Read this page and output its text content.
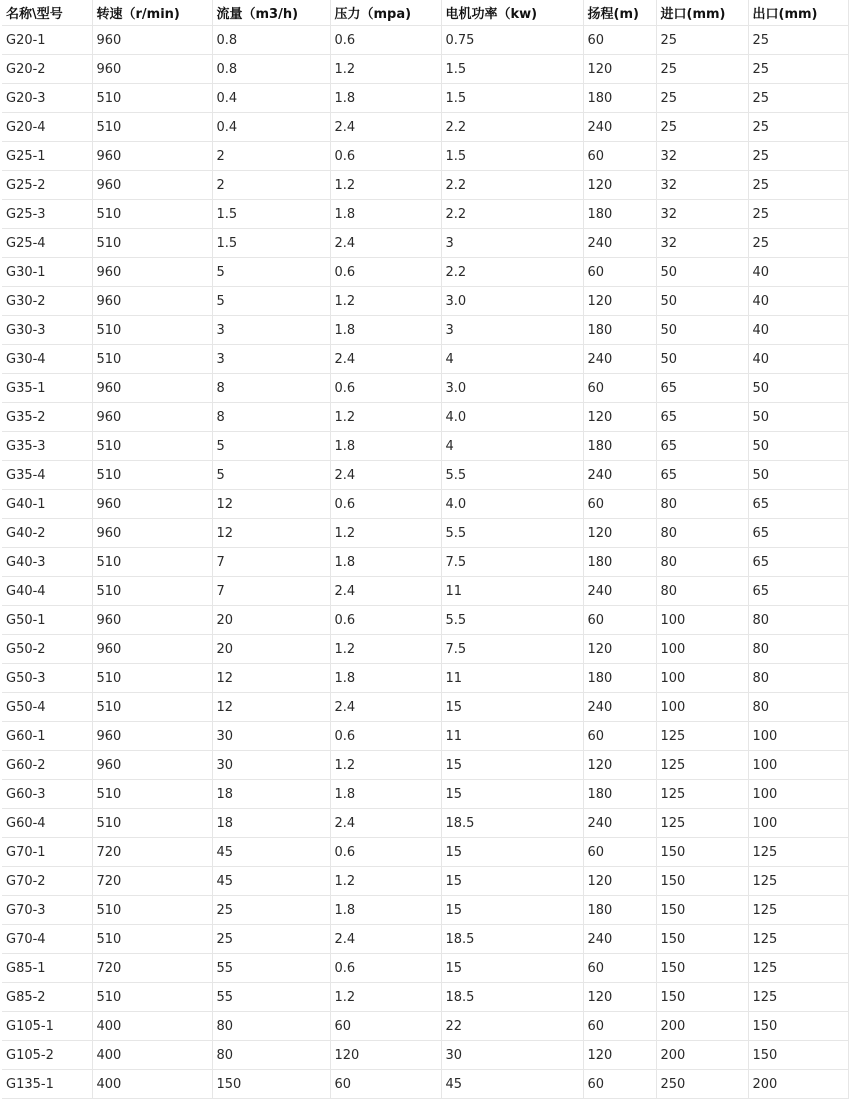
名称\型号	转速（r/min)	流量（m3/h)	压力（mpa)	电机功率（kw)	扬程(m)	进口(mm)	出口(mm)
G20-1	960	0.8	0.6	0.75	60	25	25
G20-2	960	0.8	1.2	1.5	120	25	25
G20-3	510	0.4	1.8	1.5	180	25	25
G20-4	510	0.4	2.4	2.2	240	25	25
G25-1	960	2	0.6	1.5	60	32	25
G25-2	960	2	1.2	2.2	120	32	25
G25-3	510	1.5	1.8	2.2	180	32	25
G25-4	510	1.5	2.4	3	240	32	25
G30-1	960	5	0.6	2.2	60	50	40
G30-2	960	5	1.2	3.0	120	50	40
G30-3	510	3	1.8	3	180	50	40
G30-4	510	3	2.4	4	240	50	40
G35-1	960	8	0.6	3.0	60	65	50
G35-2	960	8	1.2	4.0	120	65	50
G35-3	510	5	1.8	4	180	65	50
G35-4	510	5	2.4	5.5	240	65	50
G40-1	960	12	0.6	4.0	60	80	65
G40-2	960	12	1.2	5.5	120	80	65
G40-3	510	7	1.8	7.5	180	80	65
G40-4	510	7	2.4	11	240	80	65
G50-1	960	20	0.6	5.5	60	100	80
G50-2	960	20	1.2	7.5	120	100	80
G50-3	510	12	1.8	11	180	100	80
G50-4	510	12	2.4	15	240	100	80
G60-1	960	30	0.6	11	60	125	100
G60-2	960	30	1.2	15	120	125	100
G60-3	510	18	1.8	15	180	125	100
G60-4	510	18	2.4	18.5	240	125	100
G70-1	720	45	0.6	15	60	150	125
G70-2	720	45	1.2	15	120	150	125
G70-3	510	25	1.8	15	180	150	125
G70-4	510	25	2.4	18.5	240	150	125
G85-1	720	55	0.6	15	60	150	125
G85-2	510	55	1.2	18.5	120	150	125
G105-1	400	80	60	22	60	200	150
G105-2	400	80	120	30	120	200	150
G135-1	400	150	60	45	60	250	200
